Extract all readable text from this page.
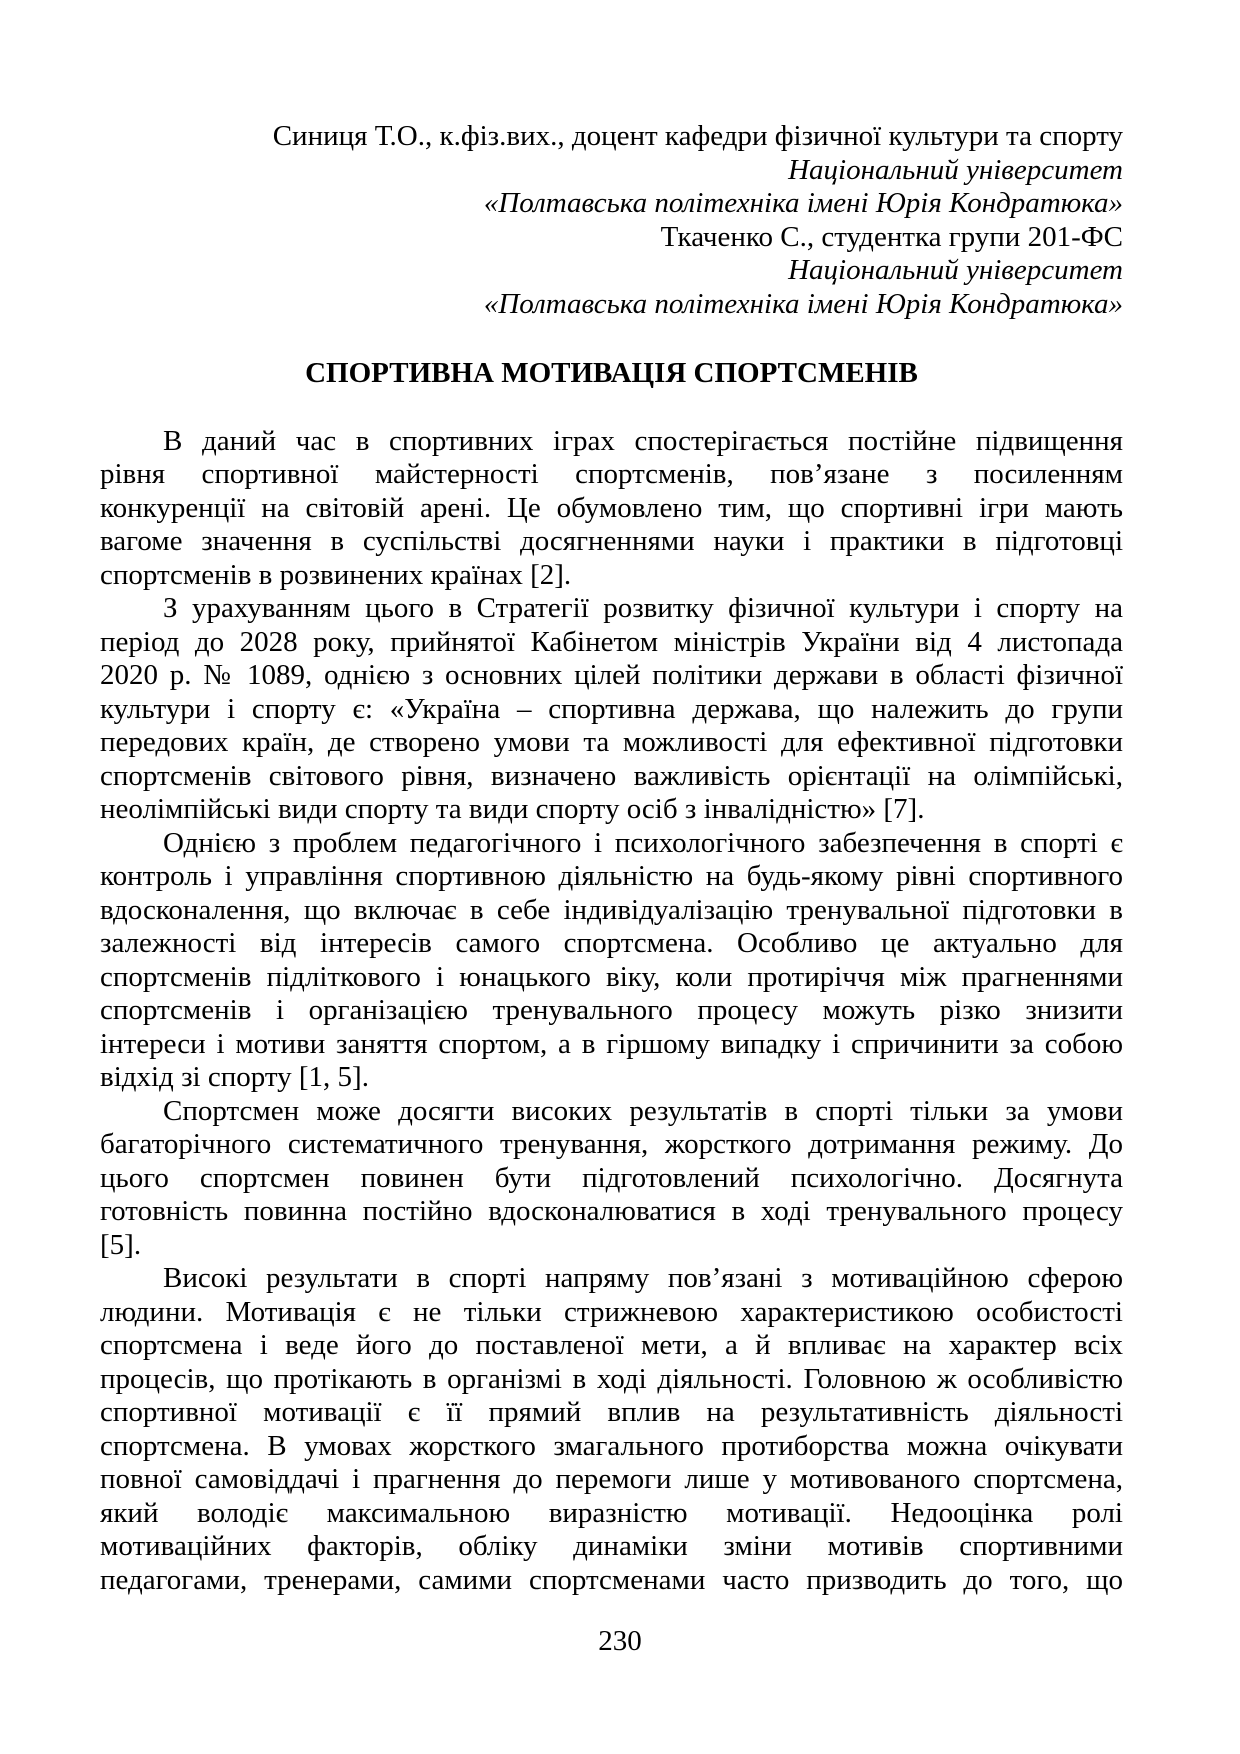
Синиця Т.О., к.фіз.вих., доцент кафедри фізичної культури та спорту
Національний університет
«Полтавська політехніка імені Юрія Кондратюка»
Ткаченко С., студентка групи 201-ФС
Національний університет
«Полтавська політехніка імені Юрія Кондратюка»
СПОРТИВНА МОТИВАЦІЯ СПОРТСМЕНІВ
В даний час в спортивних іграх спостерігається постійне підвищення
рівня спортивної майстерності спортсменів, пов’язане з посиленням
конкуренції на світовій арені. Це обумовлено тим, що спортивні ігри мають
вагоме значення в суспільстві досягненнями науки і практики в підготовці
спортсменів в розвинених країнах [2].
З урахуванням цього в Стратегії розвитку фізичної культури і спорту на
період до 2028 року, прийнятої Кабінетом міністрів України від 4 листопада
2020 р. № 1089, однією з основних цілей політики держави в області фізичної
культури і спорту є: «Україна – спортивна держава, що належить до групи
передових країн, де створено умови та можливості для ефективної підготовки
спортсменів світового рівня, визначено важливість орієнтації на олімпійські,
неолімпійські види спорту та види спорту осіб з інвалідністю» [7].
Однією з проблем педагогічного і психологічного забезпечення в спорті є
контроль і управління спортивною діяльністю на будь-якому рівні спортивного
вдосконалення, що включає в себе індивідуалізацію тренувальної підготовки в
залежності від інтересів самого спортсмена. Особливо це актуально для
спортсменів підліткового і юнацького віку, коли протиріччя між прагненнями
спортсменів і організацією тренувального процесу можуть різко знизити
інтереси і мотиви заняття спортом, а в гіршому випадку і спричинити за собою
відхід зі спорту [1, 5].
Спортсмен може досягти високих результатів в спорті тільки за умови
багаторічного систематичного тренування, жорсткого дотримання режиму. До
цього спортсмен повинен бути підготовлений психологічно. Досягнута
готовність повинна постійно вдосконалюватися в ході тренувального процесу
[5].
Високі результати в спорті напряму пов’язані з мотиваційною сферою
людини. Мотивація є не тільки стрижневою характеристикою особистості
спортсмена і веде його до поставленої мети, а й впливає на характер всіх
процесів, що протікають в організмі в ході діяльності. Головною ж особливістю
спортивної мотивації є її прямий вплив на результативність діяльності
спортсмена. В умовах жорсткого змагального протиборства можна очікувати
повної самовіддачі і прагнення до перемоги лише у мотивованого спортсмена,
який володіє максимальною виразністю мотивації. Недооцінка ролі
мотиваційних факторів, обліку динаміки зміни мотивів спортивними
педагогами, тренерами, самими спортсменами часто призводить до того, що
230
